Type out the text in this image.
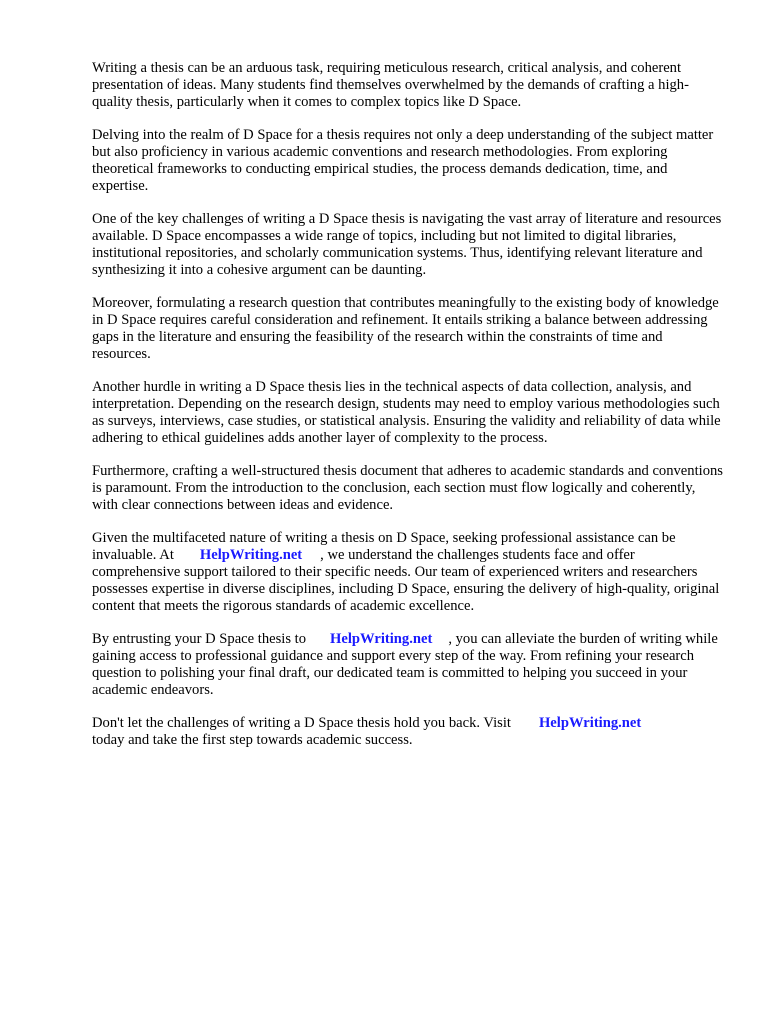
Writing a thesis can be an arduous task, requiring meticulous research, critical analysis, and coherent presentation of ideas. Many students find themselves overwhelmed by the demands of crafting a high-quality thesis, particularly when it comes to complex topics like D Space.

Delving into the realm of D Space for a thesis requires not only a deep understanding of the subject matter but also proficiency in various academic conventions and research methodologies. From exploring theoretical frameworks to conducting empirical studies, the process demands dedication, time, and expertise.

One of the key challenges of writing a D Space thesis is navigating the vast array of literature and resources available. D Space encompasses a wide range of topics, including but not limited to digital libraries, institutional repositories, and scholarly communication systems. Thus, identifying relevant literature and synthesizing it into a cohesive argument can be daunting.

Moreover, formulating a research question that contributes meaningfully to the existing body of knowledge in D Space requires careful consideration and refinement. It entails striking a balance between addressing gaps in the literature and ensuring the feasibility of the research within the constraints of time and resources.

Another hurdle in writing a D Space thesis lies in the technical aspects of data collection, analysis, and interpretation. Depending on the research design, students may need to employ various methodologies such as surveys, interviews, case studies, or statistical analysis. Ensuring the validity and reliability of data while adhering to ethical guidelines adds another layer of complexity to the process.

Furthermore, crafting a well-structured thesis document that adheres to academic standards and conventions is paramount. From the introduction to the conclusion, each section must flow logically and coherently, with clear connections between ideas and evidence.

Given the multifaceted nature of writing a thesis on D Space, seeking professional assistance can be invaluable. At HelpWriting.net , we understand the challenges students face and offer comprehensive support tailored to their specific needs. Our team of experienced writers and researchers possesses expertise in diverse disciplines, including D Space, ensuring the delivery of high-quality, original content that meets the rigorous standards of academic excellence.

By entrusting your D Space thesis to HelpWriting.net , you can alleviate the burden of writing while gaining access to professional guidance and support every step of the way. From refining your research question to polishing your final draft, our dedicated team is committed to helping you succeed in your academic endeavors.

Don't let the challenges of writing a D Space thesis hold you back. Visit HelpWriting.net
today and take the first step towards academic success.
